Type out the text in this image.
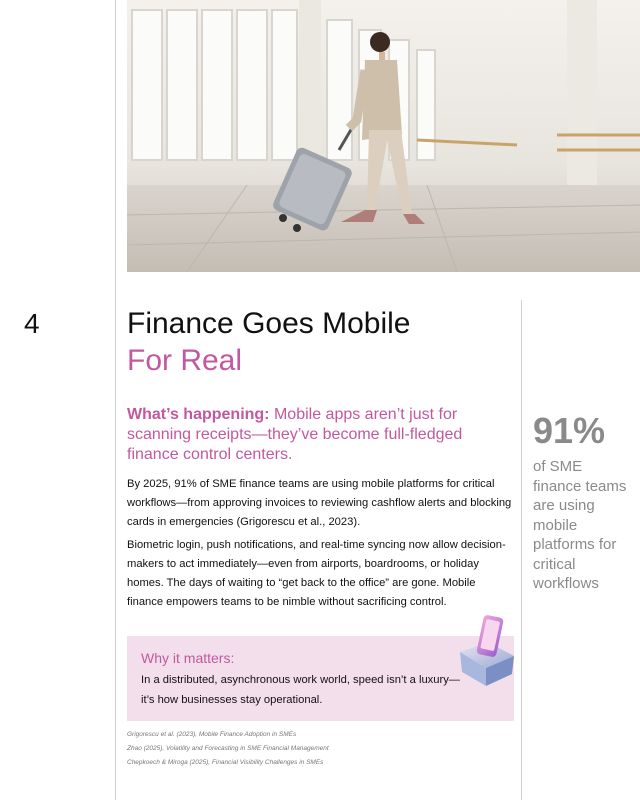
4	Finance Goes Mobile
For Real
What’s happening: Mobile apps aren’t just for scanning receipts—they’ve become full-fledged finance control centers.

By 2025, 91% of SME finance teams are using mobile platforms for critical workflows—from approving invoices to reviewing cashflow alerts and blocking cards in emergencies (Grigorescu et al., 2023).

Biometric login, push notifications, and real-time syncing now allow decision-makers to act immediately—even from airports, boardrooms, or holiday homes. The days of waiting to “get back to the office” are gone. Mobile finance empowers teams to be nimble without sacrificing control.

Why it matters:
In a distributed, asynchronous work world, speed isn’t a luxury—it’s how businesses stay operational.
Grigorescu et al. (2023), Mobile Finance Adoption in SMEs
Zhao (2025), Volatility and Forecasting in SME Financial Management
Chepkoech & Miroga (2025), Financial Visibility Challenges in SMEs
91%
of SME finance teams are using mobile platforms for critical workflows
